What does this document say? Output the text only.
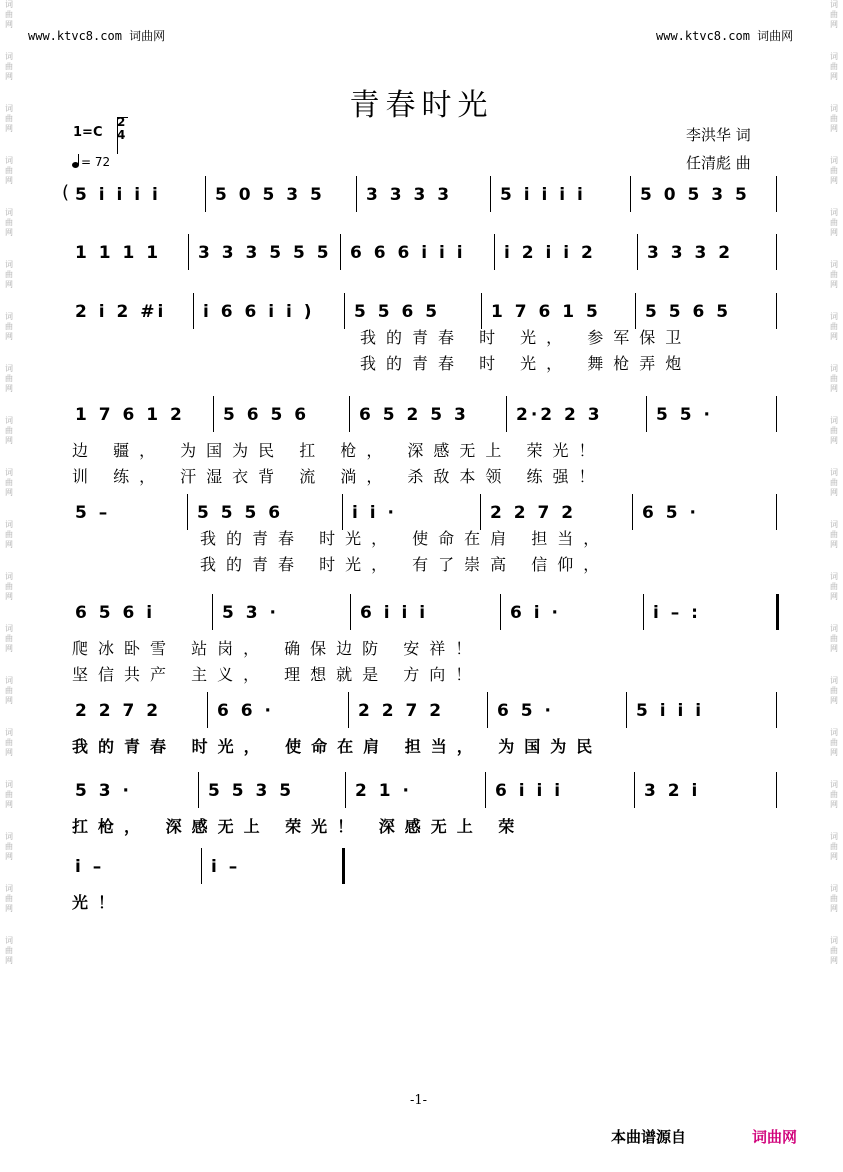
词
曲
网
词
曲
网
词
曲
网
词
曲
网
词
曲
网
词
曲
网
词
曲
网
词
曲
网
词
曲
网
词
曲
网
词
曲
网
词
曲
网
词
曲
网
词
曲
网
词
曲
网
词
曲
网
词
曲
网
词
曲
网
词
曲
网
词
曲
网
词
曲
网
词
曲
网
词
曲
网
词
曲
网
词
曲
网
词
曲
网
词
曲
网
词
曲
网
词
曲
网
词
曲
网
词
曲
网
词
曲
网
词
曲
网
词
曲
网
词
曲
网
词
曲
网
词
曲
网
词
曲
网
www.ktvc8.com 词曲网	www.ktvc8.com 词曲网
青春时光
1=C
2
4
= 72
李洪华 词
任清彪 曲
( 5 i i i i	5 0 5 3 5 3 3 3 3	5 i i i i	5 0 5 3 5
1 1 1 1 3 3 3 5 5 5 6 6 6 i i i i 2 i i 2	3 3 3 2
2 i 2 #i i 6 6 i i ) 5 5 6 5	1 7 6 1 5	5 5 6 5
我的青春 时 光， 参军保卫
我的青春 时 光， 舞枪弄炮
1 7 6 1 2 5 6 5 6	6 5 2 5 3	2·2 2 3	5 5 ·
边 疆， 为国为民 扛 枪， 深感无上 荣光！
训 练， 汗湿衣背 流 淌， 杀敌本领 练强！
5 –	5 5 5 6	i i ·	2 2 7 2	6 5 ·
我的青春 时光， 使命在肩 担当，
我的青春 时光， 有了崇高 信仰，
6 5 6 i	5 3 ·	6 i i i	6 i ·	i – :
爬冰卧雪 站岗， 确保边防 安祥！
坚信共产 主义， 理想就是 方向！
2 2 7 2	6 6 ·	2 2 7 2	6 5 ·	5 i i i
我的青春 时光， 使命在肩 担当， 为国为民
5 3 ·	5 5 3 5	2 1 ·	6 i i i	3 2 i
扛枪， 深感无上 荣光！ 深感无上 荣
i –	i –
光！
-1-
本曲谱源自	词曲网
